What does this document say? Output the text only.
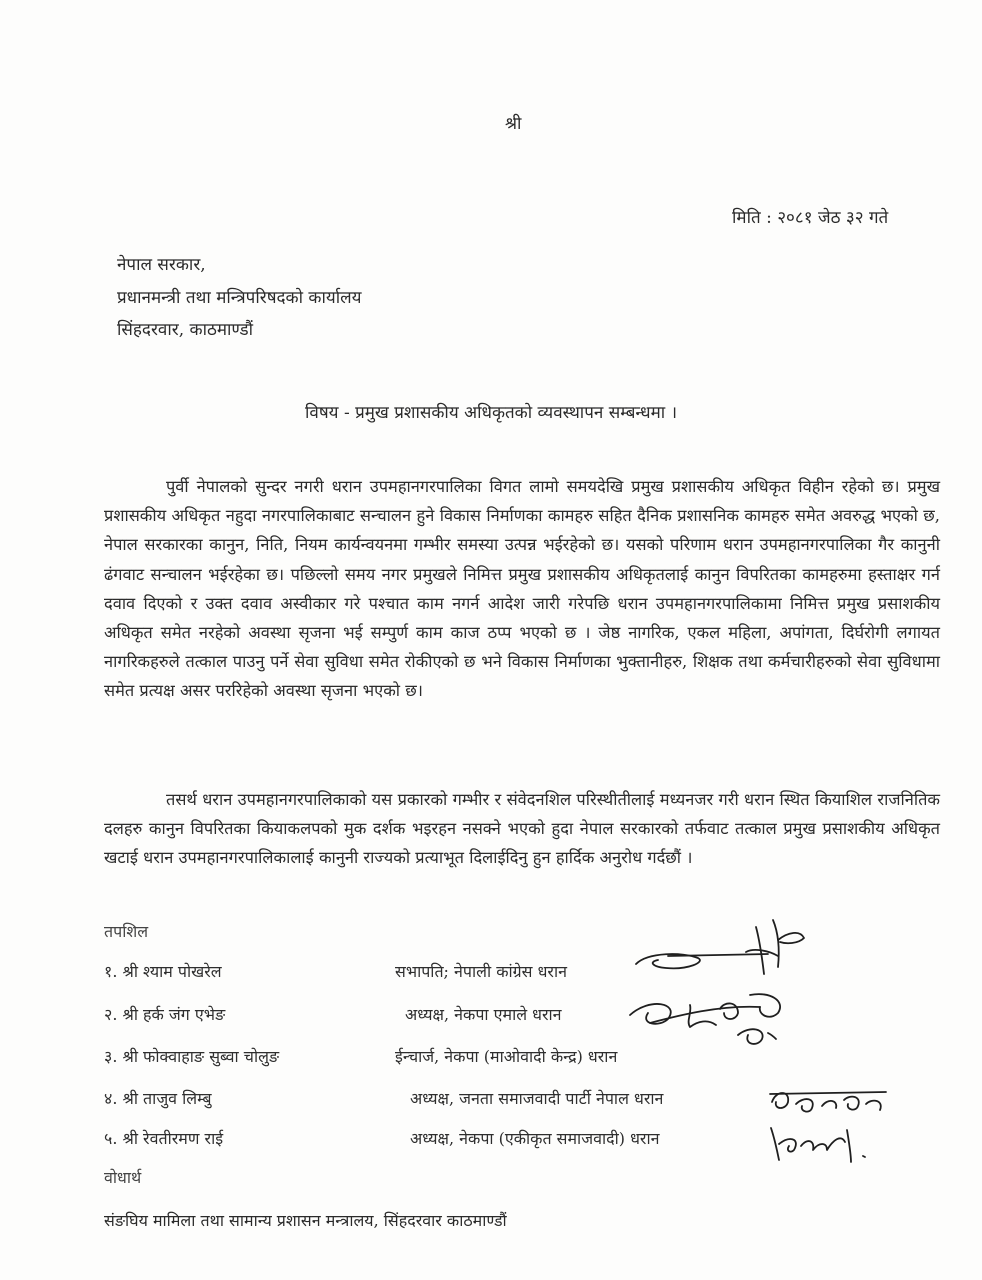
श्री
मिति : २०८१ जेठ ३२ गते
नेपाल सरकार,
प्रधानमन्त्री तथा मन्त्रिपरिषदको कार्यालय
सिंहदरवार, काठमाण्डौं
विषय - प्रमुख प्रशासकीय अधिकृतको व्यवस्थापन सम्बन्धमा ।

पुर्वी नेपालको सुन्दर नगरी धरान उपमहानगरपालिका विगत लामो समयदेखि प्रमुख प्रशासकीय अधिकृत विहीन रहेको छ। प्रमुख प्रशासकीय अधिकृत नहुदा नगरपालिकाबाट सन्चालन हुने विकास निर्माणका कामहरु सहित दैनिक प्रशासनिक कामहरु समेत अवरुद्ध भएको छ, नेपाल सरकारका कानुन, निति, नियम कार्यन्वयनमा गम्भीर समस्या उत्पन्न भईरहेको छ। यसको परिणाम धरान उपमहानगरपालिका गैर कानुनी ढंगवाट सन्चालन भईरहेका छ। पछिल्लो समय नगर प्रमुखले निमित्त प्रमुख प्रशासकीय अधिकृतलाई कानुन विपरितका कामहरुमा हस्ताक्षर गर्न दवाव दिएको र उक्त दवाव अस्वीकार गरे पश्चात काम नगर्न आदेश जारी गरेपछि धरान उपमहानगरपालिकामा निमित्त प्रमुख प्रसाशकीय अधिकृत समेत नरहेको अवस्था सृजना भई सम्पुर्ण काम काज ठप्प भएको छ । जेष्ठ नागरिक, एकल महिला, अपांगता, दिर्घरोगी लगायत नागरिकहरुले तत्काल पाउनु पर्ने सेवा सुविधा समेत रोकीएको छ भने विकास निर्माणका भुक्तानीहरु, शिक्षक तथा कर्मचारीहरुको सेवा सुविधामा समेत प्रत्यक्ष असर पररिहेको अवस्था सृजना भएको छ।

तसर्थ धरान उपमहानगरपालिकाको यस प्रकारको गम्भीर र संवेदनशिल परिस्थीतीलाई मध्यनजर गरी धरान स्थित कियाशिल राजनितिक दलहरु कानुन विपरितका कियाकलपको मुक दर्शक भइरहन नसक्ने भएको हुदा नेपाल सरकारको तर्फवाट तत्काल प्रमुख प्रसाशकीय अधिकृत खटाई धरान उपमहानगरपालिकालाई कानुनी राज्यको प्रत्याभूत दिलाईदिनु हुन हार्दिक अनुरोध गर्दछौं ।

तपशिल
१. श्री श्याम पोखरेल	सभापति; नेपाली कांग्रेस धरान
२. श्री हर्क जंग एभेङ	अध्यक्ष, नेकपा एमाले धरान
३. श्री फोक्वाहाङ सुब्वा चोलुङ	ईन्चार्ज, नेकपा (माओवादी केन्द्र) धरान
४. श्री ताजुव लिम्बु	अध्यक्ष, जनता समाजवादी पार्टी नेपाल धरान
५. श्री रेवतीरमण राई	अध्यक्ष, नेकपा (एकीकृत समाजवादी) धरान
वोधार्थ
संङघिय मामिला तथा सामान्य प्रशासन मन्त्रालय, सिंहदरवार काठमाण्डौं
